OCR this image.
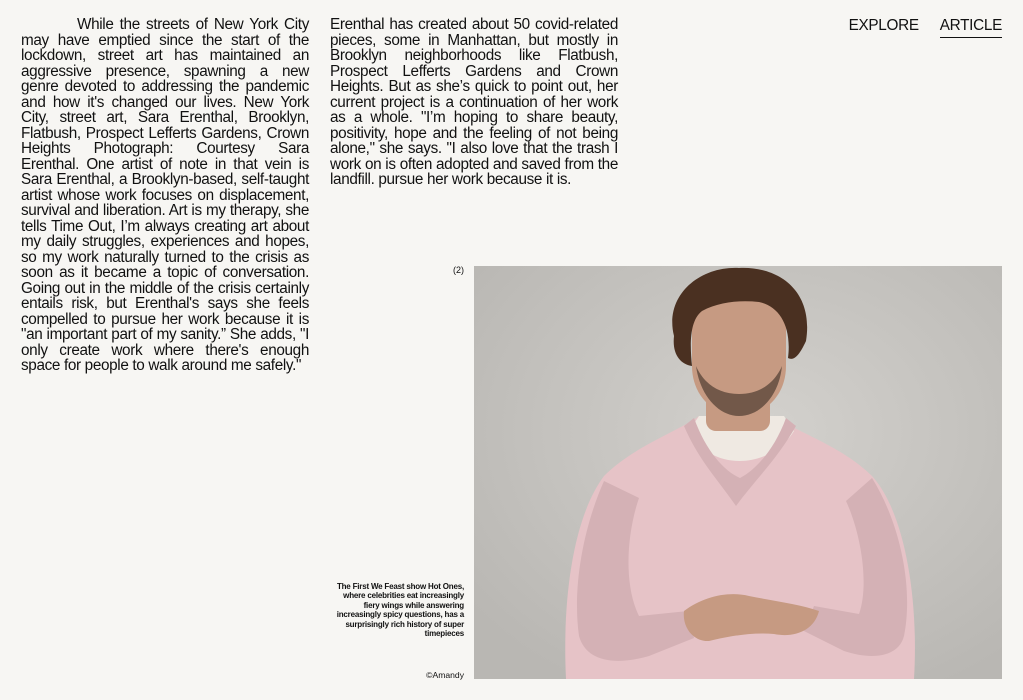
While the streets of New York City may have emptied since the start of the lockdown, street art has maintained an aggressive presence, spawning a new genre devoted to addressing the pandemic and how it's changed our lives. New York City, street art, Sara Erenthal, Brooklyn, Flatbush, Prospect Lefferts Gardens, Crown Heights Photograph: Courtesy Sara Erenthal. One artist of note in that vein is Sara Erenthal, a Brooklyn-based, self-taught artist whose work focuses on displacement, survival and liberation. Art is my therapy, she tells Time Out, I’m always creating art about my daily struggles, experiences and hopes, so my work naturally turned to the crisis as soon as it became a topic of conversation. Going out in the middle of the crisis certainly entails risk, but Erenthal's says she feels compelled to pursue her work because it is "an important part of my sanity.” She adds, "I only create work where there's enough space for people to walk around me safely."

Erenthal has created about 50 covid-related pieces, some in Manhattan, but mostly in Brooklyn neighborhoods like Flatbush, Prospect Lefferts Gardens and Crown Heights. But as she’s quick to point out, her current project is a continuation of her work as a whole. "I’m hoping to share beauty, positivity, hope and the feeling of not being alone," she says. "I also love that the trash I work on is often adopted and saved from the landfill. pursue her work because it is.

EXPLORE ARTICLE
(2)
The First We Feast show Hot Ones, where celebrities eat increasingly fiery wings while answering increasingly spicy questions, has a surprisingly rich history of super timepieces
©Amandy
